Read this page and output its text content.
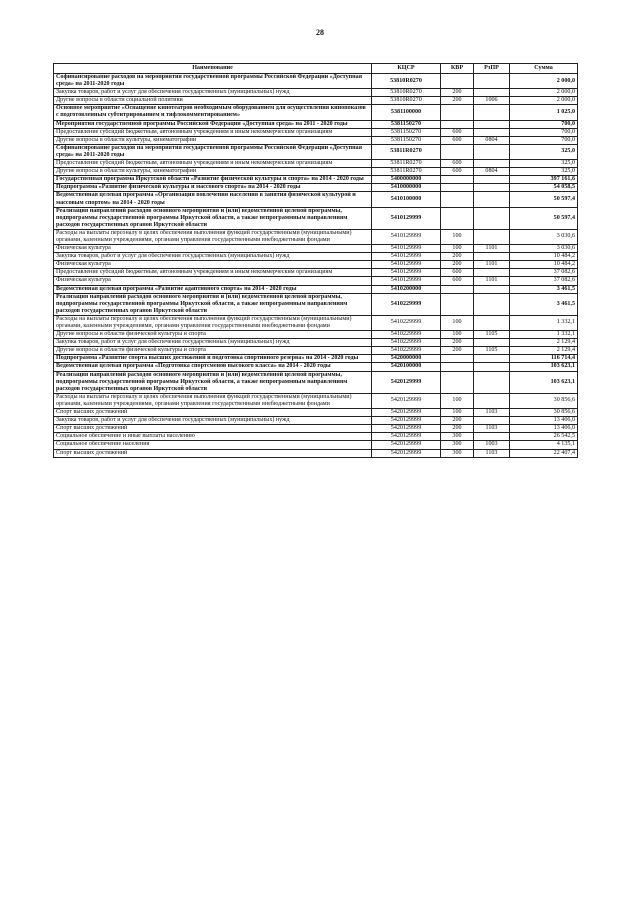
28
Наименование	КЦСР	КВР	РзПР	Сумма
Софинансирование расходов на мероприятия государственной программы Российской Федерации «Доступная среда» на 2011-2020 годы	53810R0270			2 000,0
Закупка товаров, работ и услуг для обеспечения государственных (муниципальных) нужд	53810R0270	200		2 000,0
Другие вопросы в области социальной политики	53810R0270	200	1006	2 000,0
Основное мероприятие «Оснащение кинотеатров необходимым оборудованием для осуществления кинопоказов с подготовленным субтитрированием и тифлокомментированием»	5381100000			1 025,0
Мероприятия государственной программы Российской Федерации «Доступная среда» на 2011 - 2020 годы	5381150270			700,0
Предоставление субсидий бюджетным, автономным учреждениям и иным некоммерческим организациям	5381150270	600		700,0
Другие вопросы в области культуры, кинематографии	5381150270	600	0804	700,0
Софинансирование расходов на мероприятия государственной программы Российской Федерации «Доступная среда» на 2011-2020 годы	53811R0270			325,0
Предоставление субсидий бюджетным, автономным учреждениям и иным некоммерческим организациям	53811R0270	600		325,0
Другие вопросы в области культуры, кинематографии	53811R0270	600	0804	325,0
Государственная программа Иркутской области «Развитие физической культуры и спорта» на 2014 - 2020 годы	5400000000			397 161,6
Подпрограмма «Развитие физической культуры и массового спорта» на 2014 - 2020 годы	5410000000			54 058,5
Ведомственная целевая программа «Организация вовлечения населения в занятия физической культурой и массовым спортом» на 2014 - 2020 годы	5410100000			50 597,4
Реализация направлений расходов основного мероприятия и (или) ведомственной целевой программы, подпрограммы государственной программы Иркутской области, а также непрограммным направлениям расходов государственных органов Иркутской области	5410129999			50 597,4
Расходы на выплаты персоналу в целях обеспечения выполнения функций государственными (муниципальными) органами, казенными учреждениями, органами управления государственными внебюджетными фондами	5410129999	100		3 030,6
Физическая культура	5410129999	100	1101	3 030,6
Закупка товаров, работ и услуг для обеспечения государственных (муниципальных) нужд	5410129999	200		10 484,2
Физическая культура	5410129999	200	1101	10 484,2
Предоставление субсидий бюджетным, автономным учреждениям и иным некоммерческим организациям	5410129999	600		37 082,6
Физическая культура	5410129999	600	1101	37 082,6
Ведомственная целевая программа «Развитие адаптивного спорта» на 2014 - 2020 годы	5410200000			3 461,5
Реализация направлений расходов основного мероприятия и (или) ведомственной целевой программы, подпрограммы государственной программы Иркутской области, а также непрограммным направлениям расходов государственных органов Иркутской области	5410229999			3 461,5
Расходы на выплаты персоналу в целях обеспечения выполнения функций государственными (муниципальными) органами, казенными учреждениями, органами управления государственными внебюджетными фондами	5410229999	100		1 332,1
Другие вопросы в области физической культуры и спорта	5410229999	100	1105	1 332,1
Закупка товаров, работ и услуг для обеспечения государственных (муниципальных) нужд	5410229999	200		2 129,4
Другие вопросы в области физической культуры и спорта	5410229999	200	1105	2 129,4
Подпрограмма «Развитие спорта высших достижений и подготовка спортивного резерва» на 2014 - 2020 годы	5420000000			116 714,4
Ведомственная целевая программа «Подготовка спортсменов высокого класса» на 2014 - 2020 годы	5420100000			103 623,1
Реализация направлений расходов основного мероприятия и (или) ведомственной целевой программы, подпрограммы государственной программы Иркутской области, а также непрограммным направлениям расходов государственных органов Иркутской области	5420129999			103 623,1
Расходы на выплаты персоналу в целях обеспечения выполнения функций государственными (муниципальными) органами, казенными учреждениями, органами управления государственными внебюджетными фондами	5420129999	100		30 856,6
Спорт высших достижений	5420129999	100	1103	30 856,6
Закупка товаров, работ и услуг для обеспечения государственных (муниципальных) нужд	5420129999	200		13 406,0
Спорт высших достижений	5420129999	200	1103	13 406,0
Социальное обеспечение и иные выплаты населению	5420129999	300		26 542,5
Социальное обеспечение населения	5420129999	300	1003	4 135,1
Спорт высших достижений	5420129999	300	1103	22 407,4
